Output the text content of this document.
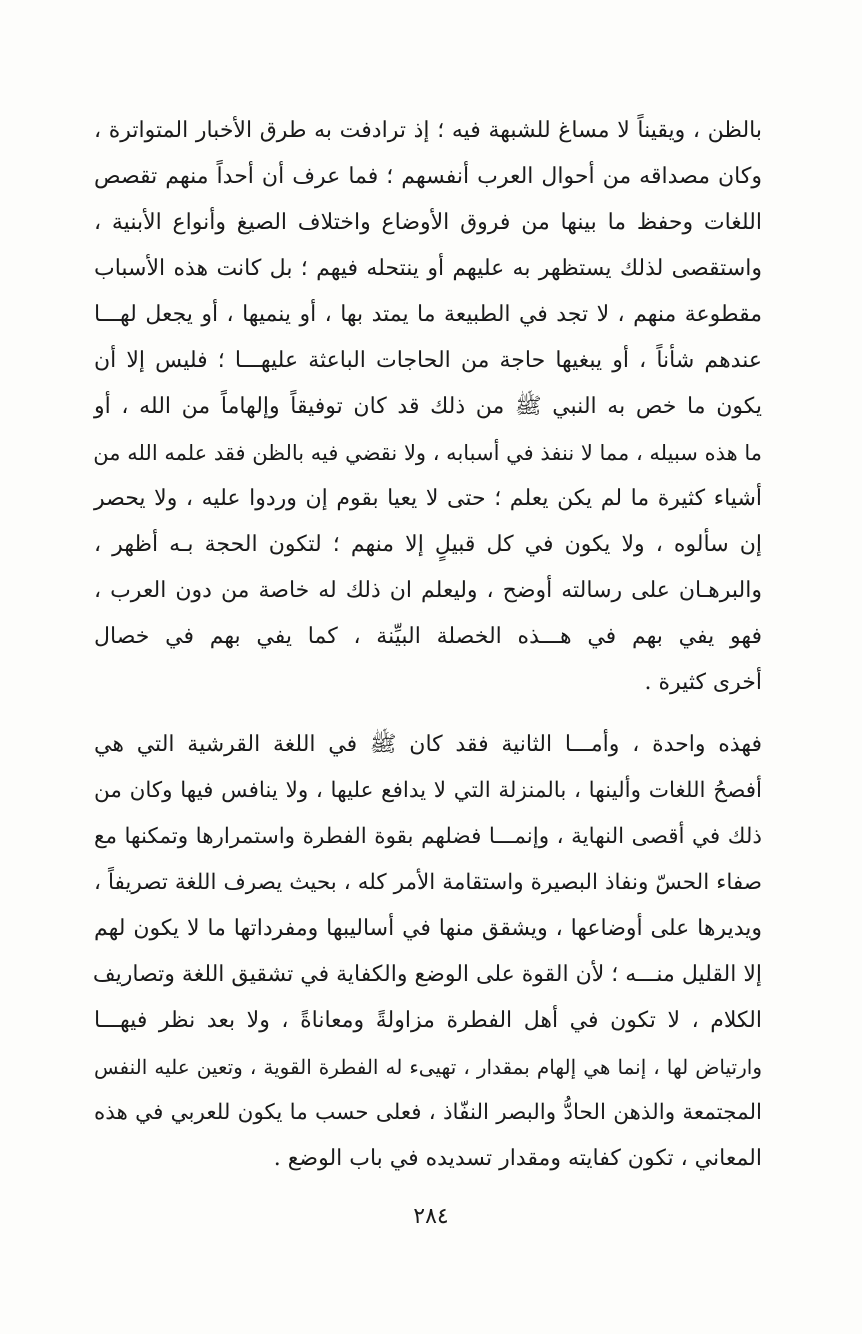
بالظن ، ويقيناً لا مساغ للشبهة فيه ؛ إذ ترادفت به طرق الأخبار المتواترة ،
وكان مصداقه من أحوال العرب أنفسهم ؛ فما عرف أن أحداً منهم تقصص
اللغات وحفظ ما بينها من فروق الأوضاع واختلاف الصيغ وأنواع الأبنية ،
واستقصى لذلك يستظهر به عليهم أو ينتحله فيهم ؛ بل كانت هذه الأسباب
مقطوعة منهم ، لا تجد في الطبيعة ما يمتد بها ، أو ينميها ، أو يجعل لهـــا
عندهم شأناً ، أو يبغيها حاجة من الحاجات الباعثة عليهـــا ؛ فليس إلا أن
يكون ما خص به النبي ﷺ من ذلك قد كان توفيقاً وإلهاماً من الله ، أو
ما هذه سبيله ، مما لا ننفذ في أسبابه ، ولا نقضي فيه بالظن فقد علمه الله من
أشياء كثيرة ما لم يكن يعلم ؛ حتى لا يعيا بقوم إن وردوا عليه ، ولا يحصر
إن سألوه ، ولا يكون في كل قبيلٍ إلا منهم ؛ لتكون الحجة بـه أظهر ،
والبرهـان على رسالته أوضح ، وليعلم ان ذلك له خاصة من دون العرب ،
فهو يفي بهم في هـــذه الخصلة البيِّنة ، كما يفي بهم في خصال
أخرى كثيرة .
فهذه واحدة ، وأمـــا الثانية فقد كان ﷺ في اللغة القرشية التي هي
أفصحُ اللغات وألينها ، بالمنزلة التي لا يدافع عليها ، ولا ينافس فيها وكان من
ذلك في أقصى النهاية ، وإنمـــا فضلهم بقوة الفطرة واستمرارها وتمكنها مع
صفاء الحسّ ونفاذ البصيرة واستقامة الأمر كله ، بحيث يصرف اللغة تصريفاً ،
ويديرها على أوضاعها ، ويشقق منها في أساليبها ومفرداتها ما لا يكون لهم
إلا القليل منـــه ؛ لأن القوة على الوضع والكفاية في تشقيق اللغة وتصاريف
الكلام ، لا تكون في أهل الفطرة مزاولةً ومعاناةً ، ولا بعد نظر فيهـــا
وارتياض لها ، إنما هي إلهام بمقدار ، تهيىء له الفطرة القوية ، وتعين عليه النفس
المجتمعة والذهن الحادُّ والبصر النفّاذ ، فعلى حسب ما يكون للعربي في هذه
المعاني ، تكون كفايته ومقدار تسديده في باب الوضع .
٢٨٤
